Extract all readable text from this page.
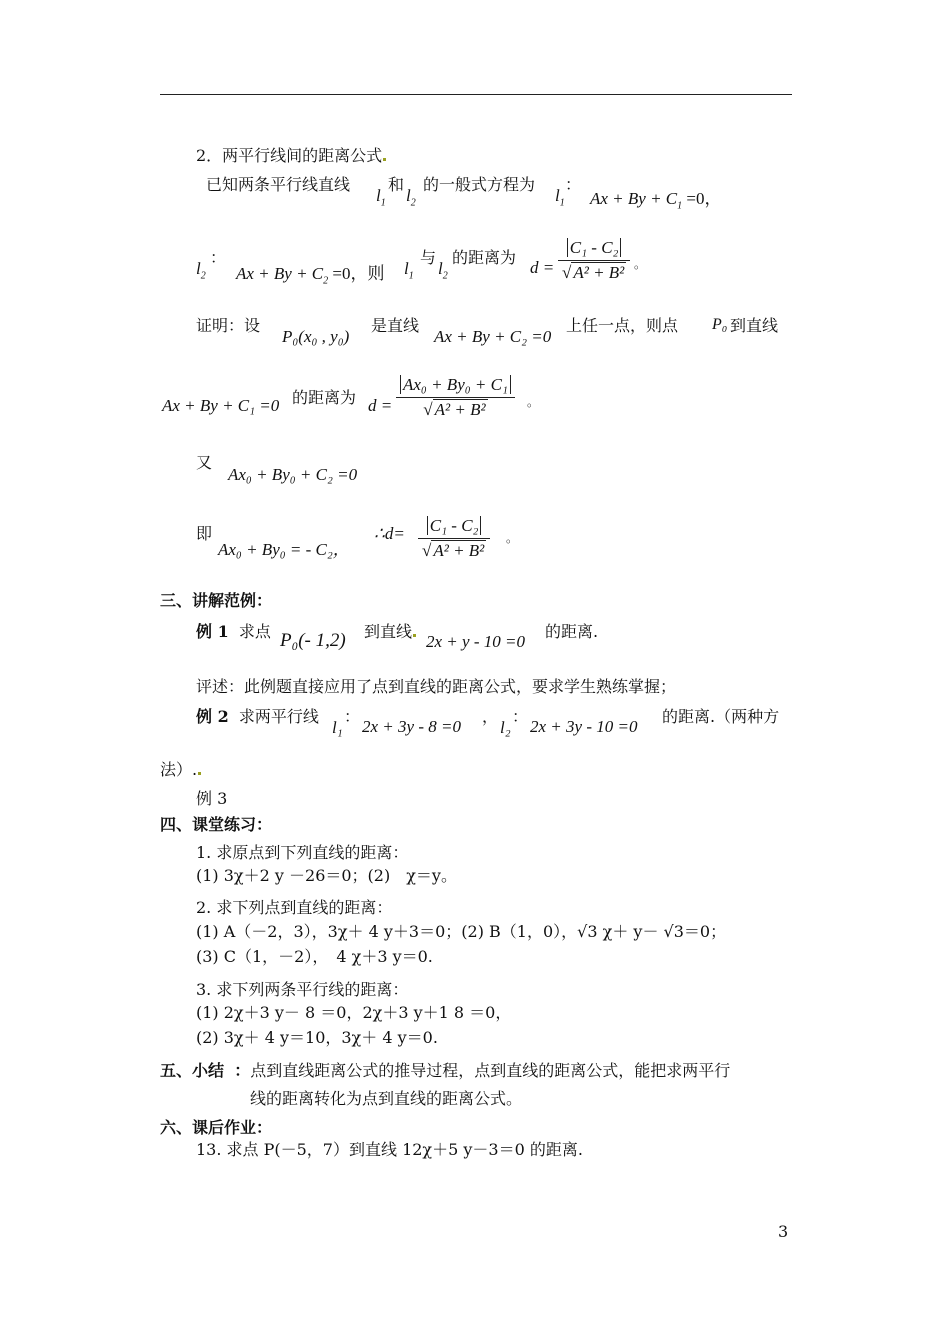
2．两平行线间的距离公式
已知两条平行线直线
$l_1$
和
$l_2$
的一般式方程为
$l_1$
：
$Ax + By + C_1 =0$，
$l_2$
：
$Ax + By + C_2 =0$，则 $l_1$
与
$l_2$
的距离为
$d = \frac{\text{C₁ - C₂}}{\text{√ A² + B²}}$ 。
证明：设
P₀(x₀ , y₀)
是直线
Ax + By + C₂ =0
上任一点，则点 P₀ 到直线
Ax + By + C₁ =0 的距离为 $d = \frac{\text{Ax₀ + By₀ + C₁}}{\text{√ A² + B²}}$ 。
又
Ax₀ + By₀ + C₂ =0
即
Ax₀ + By₀ = - C₂，
∴d= $\frac{\text{C₁ - C₂}}{\text{√ A² + B²}}$ 。
三、讲解范例：
例 1 求点 P₀(- 1,2) 到直线
2x + y - 10 =0
的距离.
评述：此例题直接应用了点到直线的距离公式，要求学生熟练掌握；
例 2 求两平行线
l₁
：
2x + 3y - 8 =0
，
l₂
：
2x + 3y - 10 =0
的距离.（两种方
法）.
例 3
四、课堂练习：
1. 求原点到下列直线的距离：
(1) 3χ＋2 y －26＝0；(2)　χ＝y。
2. 求下列点到直线的距离：
(1) A（－2，3），3χ＋ 4 y＋3＝0；(2) B（1，0），√3 χ＋ y－ √3＝0；
(3) C（1，－2），　4 χ＋3 y＝0.
3. 求下列两条平行线的距离：
(1) 2χ＋3 y－ 8 ＝0，2χ＋3 y＋1 8 ＝0，
(2) 3χ＋ 4 y＝10，3χ＋ 4 y＝0.
五、小结 ：点到直线距离公式的推导过程，点到直线的距离公式，能把求两平行
线的距离转化为点到直线的距离公式。
六、课后作业：
13. 求点 P(－5，7）到直线 12χ＋5 y－3＝0 的距离.
3
